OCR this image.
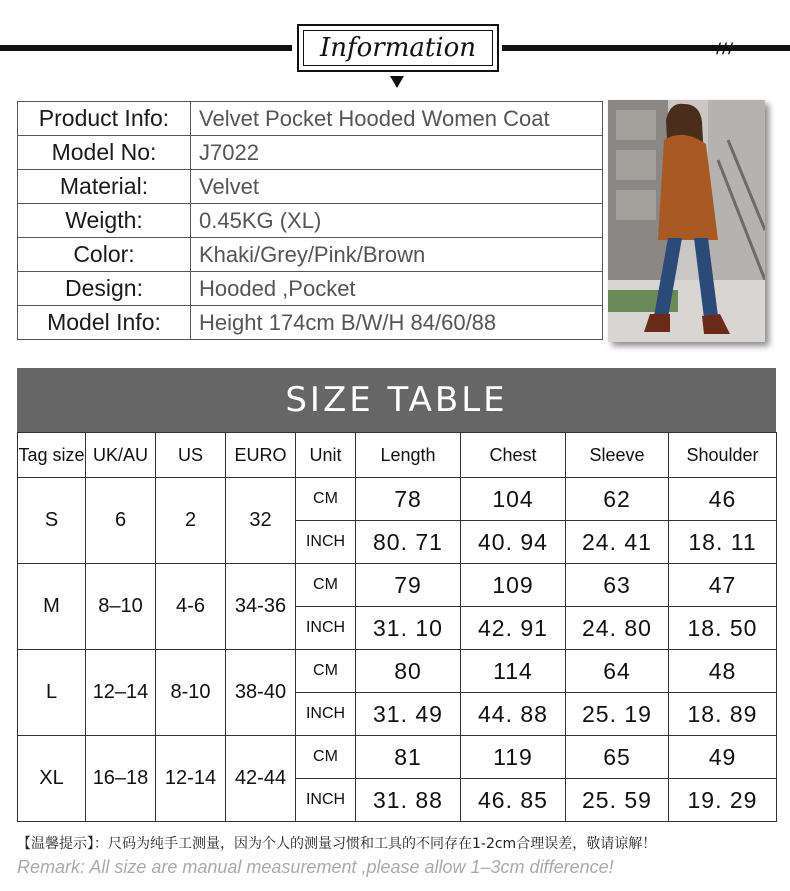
/ / /
Information
Product Info:	Velvet Pocket Hooded Women Coat
Model No:	J7022
Material:	Velvet
Weigth:	0.45KG (XL)
Color:	Khaki/Grey/Pink/Brown
Design:	Hooded ,Pocket
Model Info:	Height 174cm B/W/H 84/60/88
SIZE TABLE
Tag size	UK/AU	US	EURO	Unit	Length	Chest	Sleeve	Shoulder
S	6	2	32	CM	78	104	62	46
				INCH	80. 71	40. 94	24. 41	18. 11
M	8–10	4-6	34-36	CM	79	109	63	47
				INCH	31. 10	42. 91	24. 80	18. 50
L	12–14	8-10	38-40	CM	80	114	64	48
				INCH	31. 49	44. 88	25. 19	18. 89
XL	16–18	12-14	42-44	CM	81	119	65	49
				INCH	31. 88	46. 85	25. 59	19. 29
【温馨提示】：尺码为纯手工测量，因为个人的测量习惯和工具的不同存在1-2cm合理误差，敬请谅解！
Remark: All size are manual measurement ,please allow 1–3cm difference!
